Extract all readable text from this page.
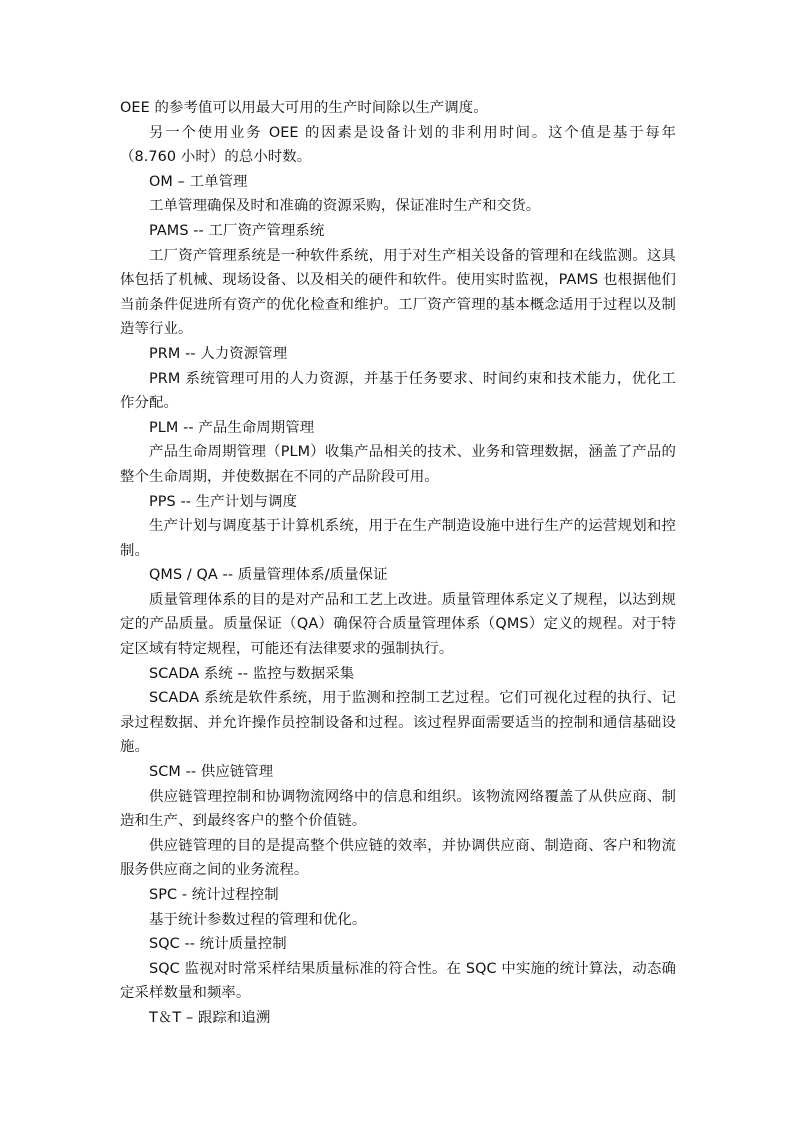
OEE 的参考值可以用最大可用的生产时间除以生产调度。

另一个使用业务 OEE 的因素是设备计划的非利用时间。这个值是基于每年（8.760 小时）的总小时数。

OM – 工单管理

工单管理确保及时和准确的资源采购，保证准时生产和交货。

PAMS -- 工厂资产管理系统

工厂资产管理系统是一种软件系统，用于对生产相关设备的管理和在线监测。这具体包括了机械、现场设备、以及相关的硬件和软件。使用实时监视，PAMS 也根据他们当前条件促进所有资产的优化检查和维护。工厂资产管理的基本概念适用于过程以及制造等行业。

PRM -- 人力资源管理

PRM 系统管理可用的人力资源，并基于任务要求、时间约束和技术能力，优化工作分配。

PLM -- 产品生命周期管理

产品生命周期管理（PLM）收集产品相关的技术、业务和管理数据，涵盖了产品的整个生命周期，并使数据在不同的产品阶段可用。

PPS -- 生产计划与调度

生产计划与调度基于计算机系统，用于在生产制造设施中进行生产的运营规划和控制。

QMS / QA -- 质量管理体系/质量保证

质量管理体系的目的是对产品和工艺上改进。质量管理体系定义了规程，以达到规定的产品质量。质量保证（QA）确保符合质量管理体系（QMS）定义的规程。对于特定区域有特定规程，可能还有法律要求的强制执行。

SCADA 系统 -- 监控与数据采集

SCADA 系统是软件系统，用于监测和控制工艺过程。它们可视化过程的执行、记录过程数据、并允许操作员控制设备和过程。该过程界面需要适当的控制和通信基础设施。

SCM -- 供应链管理

供应链管理控制和协调物流网络中的信息和组织。该物流网络覆盖了从供应商、制造和生产、到最终客户的整个价值链。

供应链管理的目的是提高整个供应链的效率，并协调供应商、制造商、客户和物流服务供应商之间的业务流程。

SPC - 统计过程控制

基于统计参数过程的管理和优化。

SQC -- 统计质量控制

SQC 监视对时常采样结果质量标准的符合性。在 SQC 中实施的统计算法，动态确定采样数量和频率。

T＆T – 跟踪和追溯
